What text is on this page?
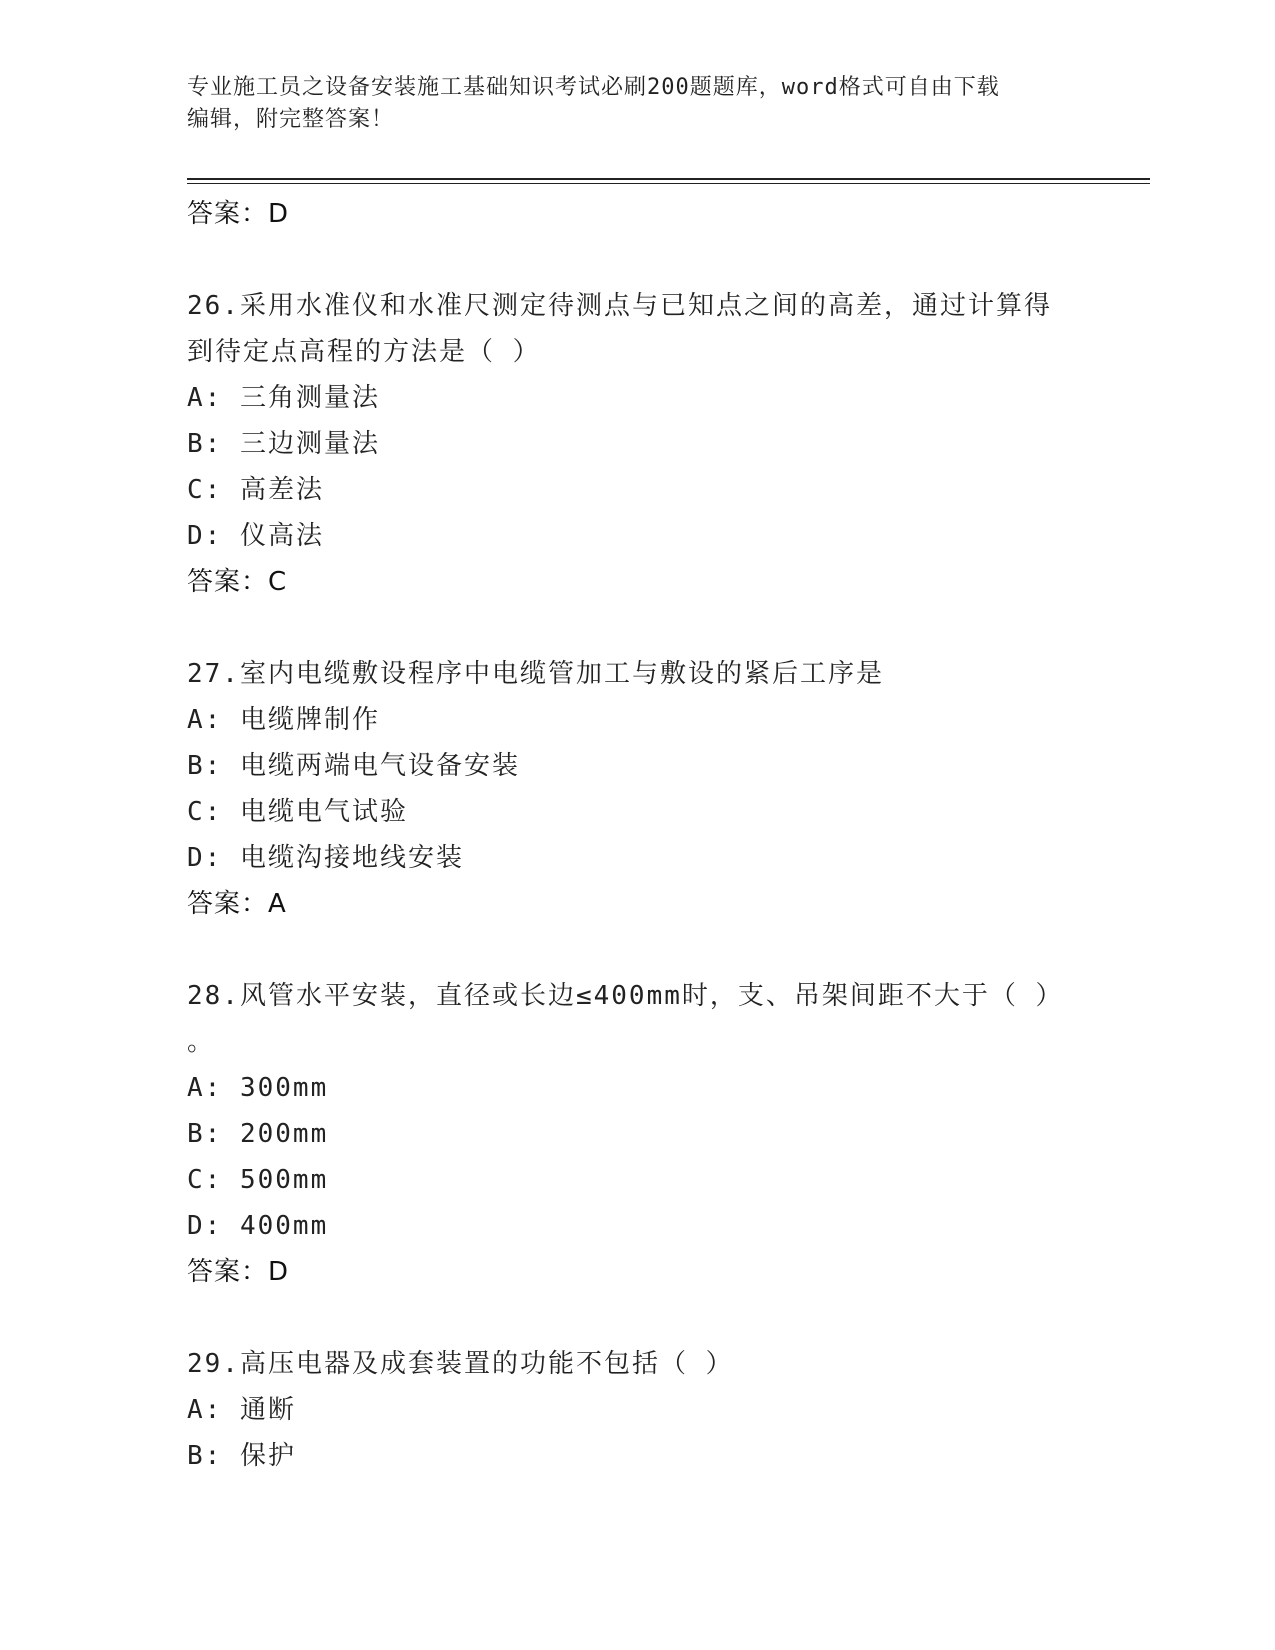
专业施工员之设备安装施工基础知识考试必刷200题题库，word格式可自由下载
编辑，附完整答案！
答案：D
26.采用水准仪和水准尺测定待测点与已知点之间的高差，通过计算得
到待定点高程的方法是（ ）
A: 三角测量法
B: 三边测量法
C: 高差法
D: 仪高法
答案：C
27.室内电缆敷设程序中电缆管加工与敷设的紧后工序是
A: 电缆牌制作
B: 电缆两端电气设备安装
C: 电缆电气试验
D: 电缆沟接地线安装
答案：A
28.风管水平安装，直径或长边≤400mm时，支、吊架间距不大于（ ）
。
A: 300mm
B: 200mm
C: 500mm
D: 400mm
答案：D
29.高压电器及成套装置的功能不包括（ ）
A: 通断
B: 保护
